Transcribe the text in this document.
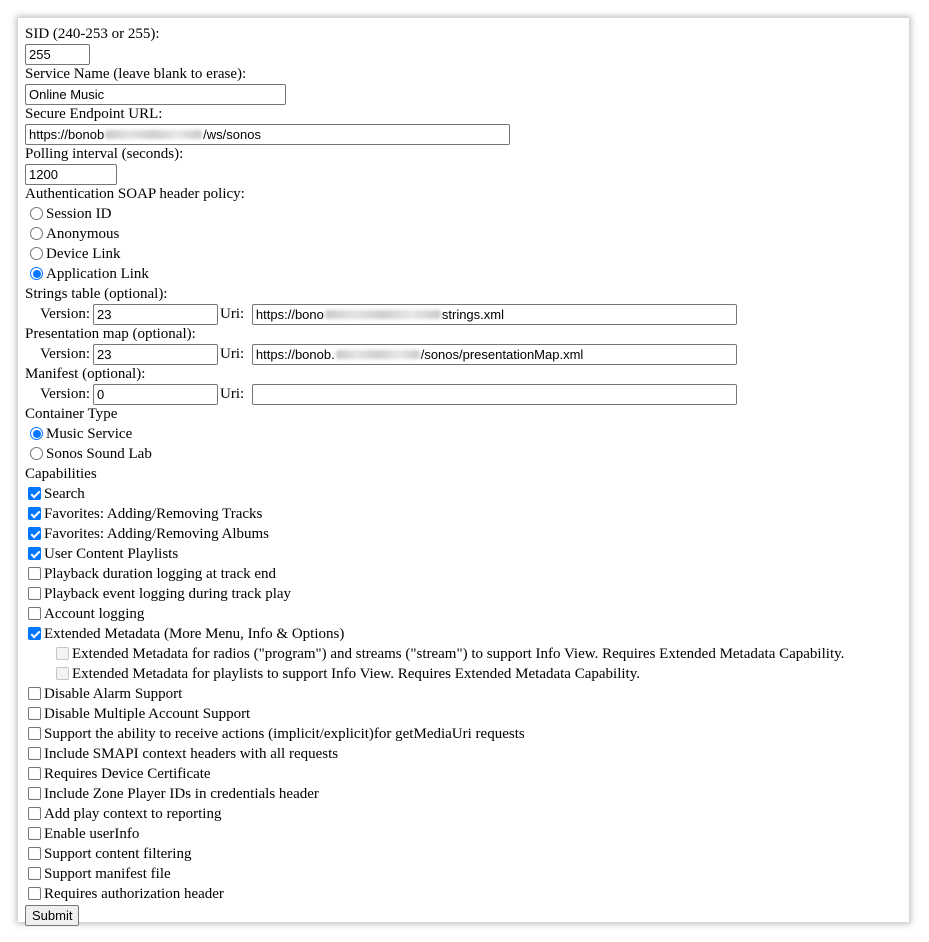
SID (240-253 or 255):
255
Service Name (leave blank to erase):
Online Music
Secure Endpoint URL:
https://bonob	/ws/sonos
Polling interval (seconds):
1200
Authentication SOAP header policy:
Session ID
Anonymous
Device Link
Application Link
Strings table (optional):
Version:23	Uri: https://bono	strings.xml
Presentation map (optional):
Version:23	Uri: https://bonob.	/sonos/presentationMap.xml
Manifest (optional):
Version:0	Uri:
Container Type
Music Service
Sonos Sound Lab
Capabilities
Search
Favorites: Adding/Removing Tracks
Favorites: Adding/Removing Albums
User Content Playlists
Playback duration logging at track end
Playback event logging during track play
Account logging
Extended Metadata (More Menu, Info & Options)
Extended Metadata for radios ("program") and streams ("stream") to support Info View. Requires Extended Metadata Capability.
Extended Metadata for playlists to support Info View. Requires Extended Metadata Capability.
Disable Alarm Support
Disable Multiple Account Support
Support the ability to receive actions (implicit/explicit)for getMediaUri requests
Include SMAPI context headers with all requests
Requires Device Certificate
Include Zone Player IDs in credentials header
Add play context to reporting
Enable userInfo
Support content filtering
Support manifest file
Requires authorization header
Submit
